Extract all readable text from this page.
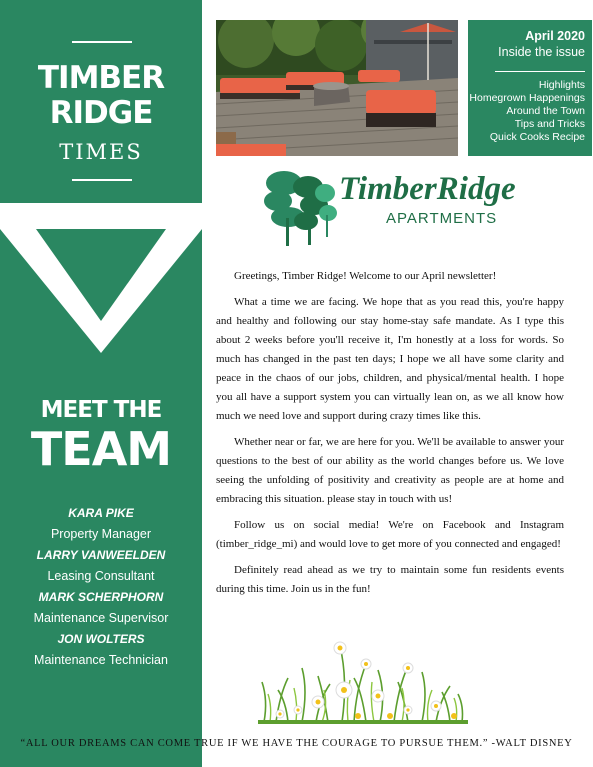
TIMBER
RIDGE
TIMES
MEET THE
TEAM
KARA PIKE
Property Manager
LARRY VANWEELDEN
Leasing Consultant
MARK SCHERPHORN
Maintenance Supervisor
JON WOLTERS
Maintenance Technician
April 2020
Inside the issue
Highlights
Homegrown Happenings
Around the Town
Tips and Tricks
Quick Cooks Recipe
TimberRidge
APARTMENTS

Greetings, Timber Ridge! Welcome to our April newsletter!

What a time we are facing. We hope that as you read this, you're happy and healthy and following our stay home-stay safe mandate. As I type this about 2 weeks before you'll receive it, I'm honestly at a loss for words. So much has changed in the past ten days; I hope we all have some clarity and peace in the chaos of our jobs, children, and physical/mental health. I hope you all have a support system you can virtually lean on, as we all know how much we need love and support during crazy times like this.

Whether near or far, we are here for you. We'll be available to answer your questions to the best of our ability as the world changes before us. We love seeing the unfolding of positivity and creativity as people are at home and embracing this situation. please stay in touch with us!

Follow us on social media! We're on Facebook and Instagram (timber_ridge_mi) and would love to get more of you connected and engaged!

Definitely read ahead as we try to maintain some fun residents events during this time. Join us in the fun!

“ALL OUR DREAMS CAN COME TRUE IF WE HAVE THE COURAGE TO PURSUE THEM.” -WALT DISNEY
